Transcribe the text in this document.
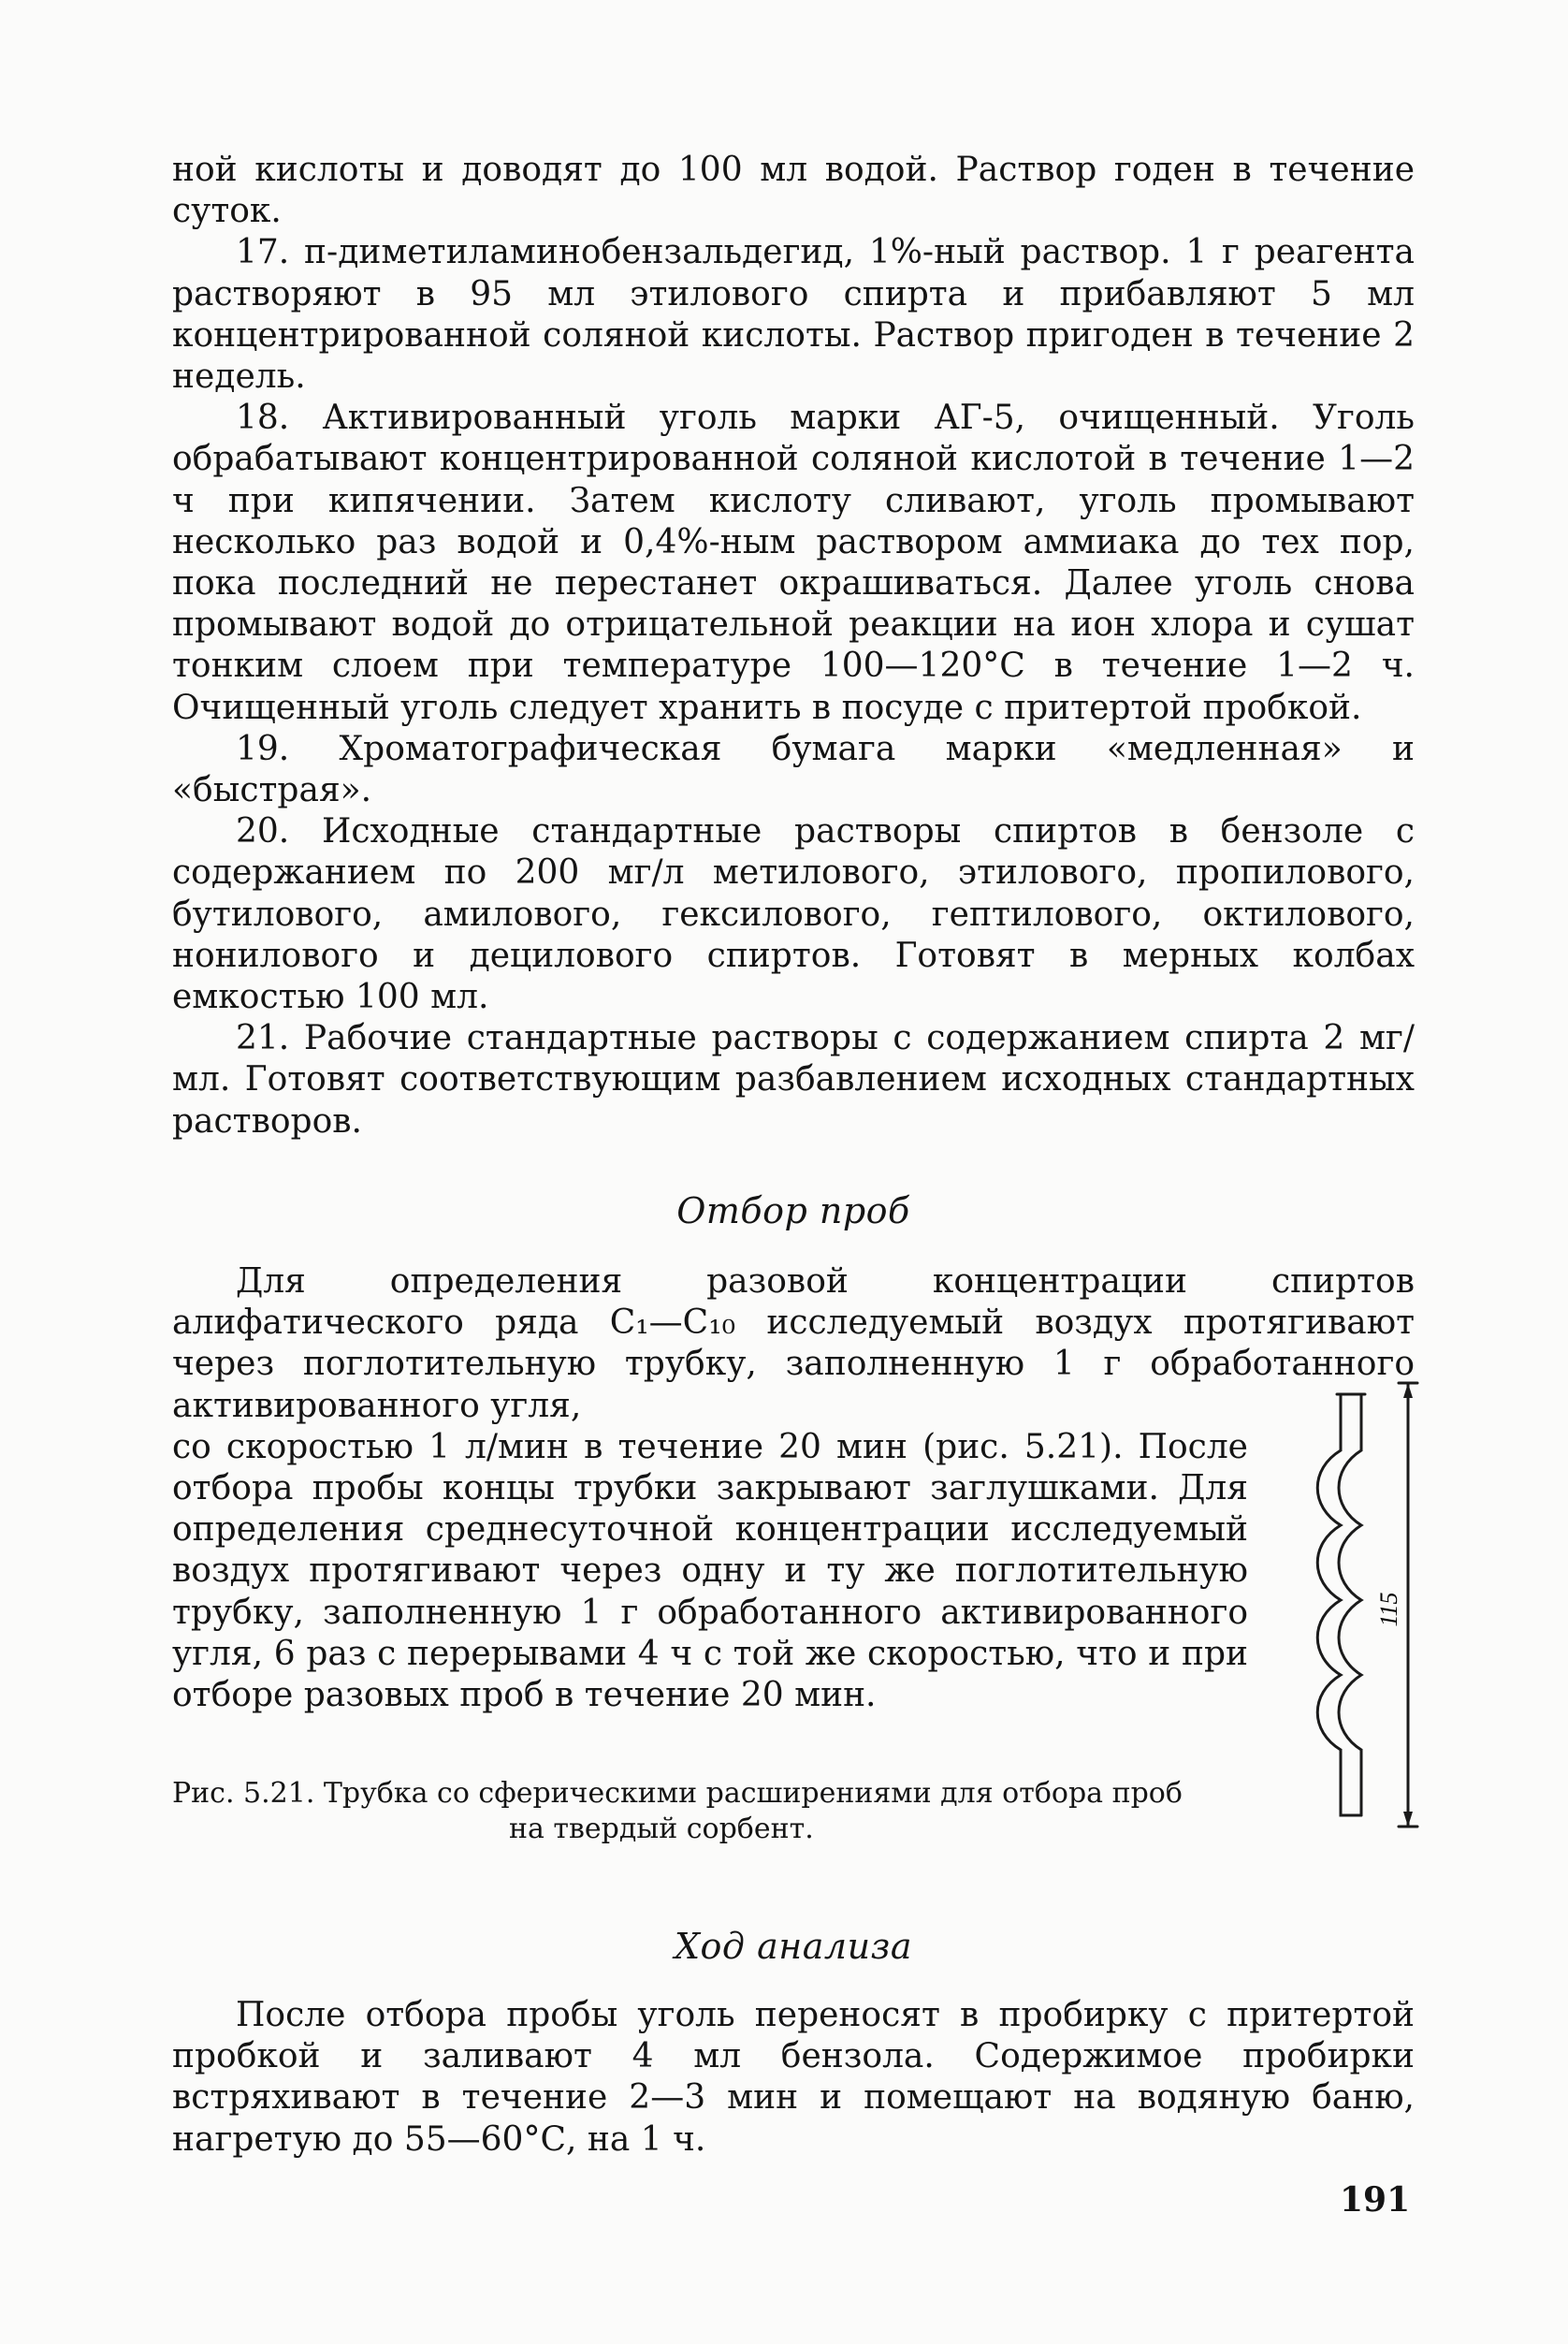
ной кислоты и доводят до 100 мл водой. Раствор годен в течение суток.

17. п-диметиламинобензальдегид, 1%-ный раствор. 1 г реагента растворяют в 95 мл этилового спирта и прибавляют 5 мл концентрированной соляной кислоты. Раствор пригоден в течение 2 недель.

18. Активированный уголь марки АГ-5, очищенный. Уголь обрабатывают концентрированной соляной кислотой в течение 1—2 ч при кипячении. Затем кислоту сливают, уголь промывают несколько раз водой и 0,4%-ным раствором аммиака до тех пор, пока последний не перестанет окрашиваться. Далее уголь снова промывают водой до отрицательной реакции на ион хлора и сушат тонким слоем при температуре 100—120°С в течение 1—2 ч. Очищенный уголь следует хранить в посуде с притертой пробкой.

19. Хроматографическая бумага марки «медленная» и «быстрая».

20. Исходные стандартные растворы спиртов в бензоле с содержанием по 200 мг/л метилового, этилового, пропилового, бутилового, амилового, гексилового, гептилового, октилового, нонилового и децилового спиртов. Готовят в мерных колбах емкостью 100 мл.

21. Рабочие стандартные растворы с содержанием спирта 2 мг/мл. Готовят соответствующим разбавлением исходных стандартных растворов.

Отбор проб

Для определения разовой концентрации спиртов алифатического ряда C₁—C₁₀ исследуемый воздух протягивают через поглотительную трубку, заполненную 1 г обработанного активированного угля,

со скоростью 1 л/мин в течение 20 мин (рис. 5.21). После отбора пробы концы трубки закрывают заглушками. Для определения среднесуточной концентрации исследуемый воздух протягивают через одну и ту же поглотительную трубку, заполненную 1 г обработанного активированного угля, 6 раз с перерывами 4 ч с той же скоростью, что и при отборе разовых проб в течение 20 мин.

Рис. 5.21. Трубка со сферическими расширениями для отбора проб
на твердый сорбент.

115

Ход анализа

После отбора пробы уголь переносят в пробирку с притертой пробкой и заливают 4 мл бензола. Содержимое пробирки встряхивают в течение 2—3 мин и помещают на водяную баню, нагретую до 55—60°С, на 1 ч.

191
